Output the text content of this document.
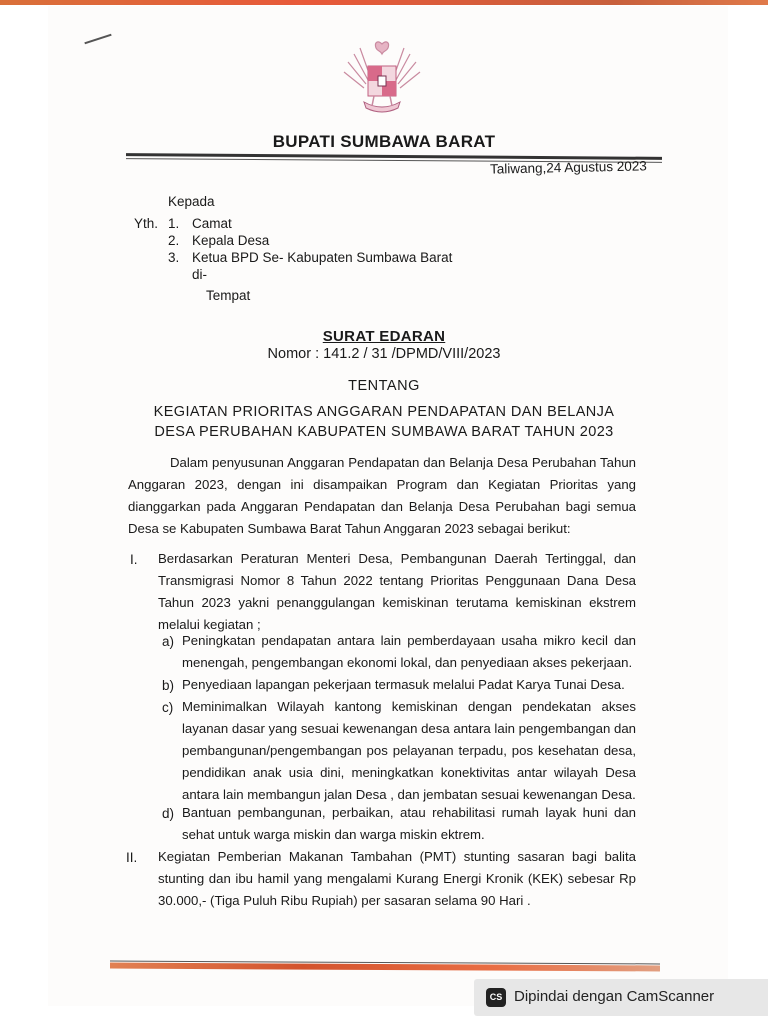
BUPATI SUMBAWA BARAT
Taliwang,24 Agustus 2023
Kepada
Yth. 1. Camat
2. Kepala Desa
3. Ketua BPD Se- Kabupaten Sumbawa Barat
di-
Tempat
SURAT EDARAN
Nomor : 141.2 / 31 /DPMD/VIII/2023
TENTANG
KEGIATAN PRIORITAS ANGGARAN PENDAPATAN DAN BELANJA
DESA PERUBAHAN KABUPATEN SUMBAWA BARAT TAHUN 2023
Dalam penyusunan Anggaran Pendapatan dan Belanja Desa Perubahan Tahun Anggaran 2023, dengan ini disampaikan Program dan Kegiatan Prioritas yang dianggarkan pada Anggaran Pendapatan dan Belanja Desa Perubahan bagi semua Desa se Kabupaten Sumbawa Barat Tahun Anggaran 2023 sebagai berikut:
I. Berdasarkan Peraturan Menteri Desa, Pembangunan Daerah Tertinggal, dan Transmigrasi Nomor 8 Tahun 2022 tentang Prioritas Penggunaan Dana Desa Tahun 2023 yakni penanggulangan kemiskinan terutama kemiskinan ekstrem melalui kegiatan ;
a) Peningkatan pendapatan antara lain pemberdayaan usaha mikro kecil dan menengah, pengembangan ekonomi lokal, dan penyediaan akses pekerjaan.
b) Penyediaan lapangan pekerjaan termasuk melalui Padat Karya Tunai Desa.
c) Meminimalkan Wilayah kantong kemiskinan dengan pendekatan akses layanan dasar yang sesuai kewenangan desa antara lain pengembangan dan pembangunan/pengembangan pos pelayanan terpadu, pos kesehatan desa, pendidikan anak usia dini, meningkatkan konektivitas antar wilayah Desa antara lain membangun jalan Desa , dan jembatan sesuai kewenangan Desa.
d) Bantuan pembangunan, perbaikan, atau rehabilitasi rumah layak huni dan sehat untuk warga miskin dan warga miskin ektrem.
II. Kegiatan Pemberian Makanan Tambahan (PMT) stunting sasaran bagi balita stunting dan ibu hamil yang mengalami Kurang Energi Kronik (KEK) sebesar Rp 30.000,- (Tiga Puluh Ribu Rupiah) per sasaran selama 90 Hari .
CS Dipindai dengan CamScanner
